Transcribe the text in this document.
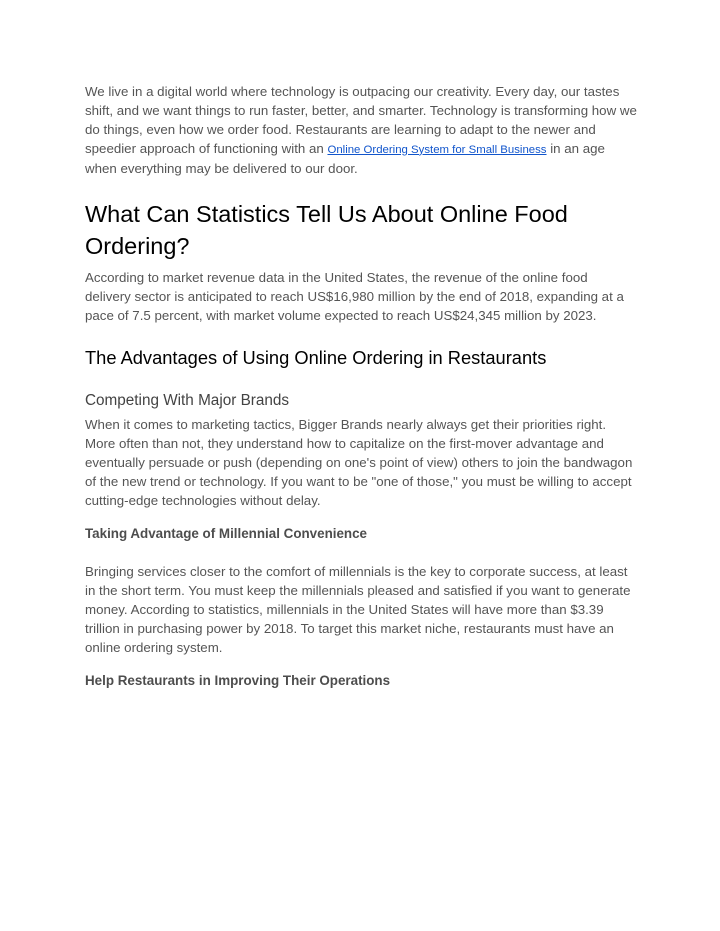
We live in a digital world where technology is outpacing our creativity. Every day, our tastes shift, and we want things to run faster, better, and smarter. Technology is transforming how we do things, even how we order food. Restaurants are learning to adapt to the newer and speedier approach of functioning with an Online Ordering System for Small Business in an age when everything may be delivered to our door.

What Can Statistics Tell Us About Online Food Ordering?

According to market revenue data in the United States, the revenue of the online food delivery sector is anticipated to reach US$16,980 million by the end of 2018, expanding at a pace of 7.5 percent, with market volume expected to reach US$24,345 million by 2023.

The Advantages of Using Online Ordering in Restaurants
Competing With Major Brands

When it comes to marketing tactics, Bigger Brands nearly always get their priorities right. More often than not, they understand how to capitalize on the first-mover advantage and eventually persuade or push (depending on one's point of view) others to join the bandwagon of the new trend or technology. If you want to be "one of those," you must be willing to accept cutting-edge technologies without delay.

Taking Advantage of Millennial Convenience

Bringing services closer to the comfort of millennials is the key to corporate success, at least in the short term. You must keep the millennials pleased and satisfied if you want to generate money. According to statistics, millennials in the United States will have more than $3.39 trillion in purchasing power by 2018. To target this market niche, restaurants must have an online ordering system.

Help Restaurants in Improving Their Operations
